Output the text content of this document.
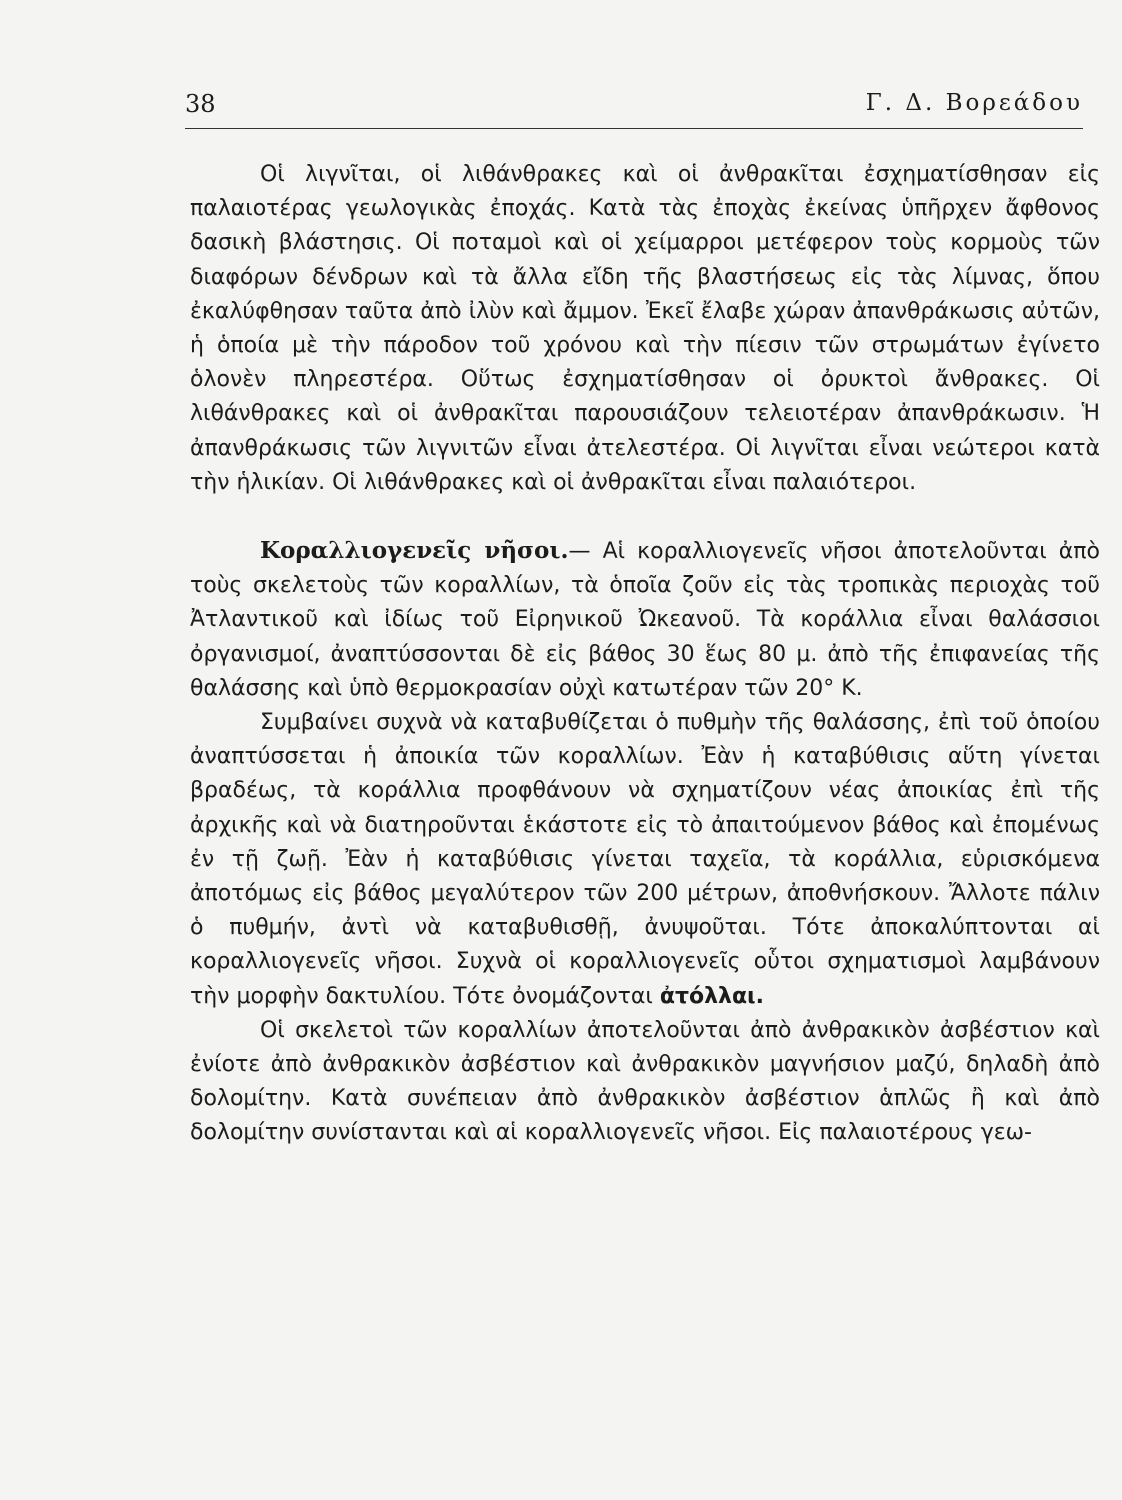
38	Γ. Δ. Βορεάδου

Οἱ λιγνῖται, οἱ λιθάνθρακες καὶ οἱ ἀνθρακῖται ἐσχηματίσθησαν εἰς παλαιοτέρας γεωλογικὰς ἐποχάς. Κατὰ τὰς ἐποχὰς ἐκείνας ὑπῆρχεν ἄφθονος δασικὴ βλάστησις. Οἱ ποταμοὶ καὶ οἱ χείμαρροι μετέφερον τοὺς κορμοὺς τῶν διαφόρων δένδρων καὶ τὰ ἄλλα εἴδη τῆς βλαστήσεως εἰς τὰς λίμνας, ὅπου ἐκαλύφθησαν ταῦτα ἀπὸ ἰλὺν καὶ ἄμμον. Ἐκεῖ ἔλαβε χώραν ἀπανθράκωσις αὐτῶν, ἡ ὁποία μὲ τὴν πάροδον τοῦ χρόνου καὶ τὴν πίεσιν τῶν στρωμάτων ἐγίνετο ὁλονὲν πληρεστέρα. Οὕτως ἐσχηματίσθησαν οἱ ὀρυκτοὶ ἄνθρακες. Οἱ λιθάνθρακες καὶ οἱ ἀνθρακῖται παρουσιάζουν τελειοτέραν ἀπανθράκωσιν. Ἡ ἀπανθράκωσις τῶν λιγνιτῶν εἶναι ἀτελεστέρα. Οἱ λιγνῖται εἶναι νεώτεροι κατὰ τὴν ἡλικίαν. Οἱ λιθάνθρακες καὶ οἱ ἀνθρακῖται εἶναι παλαιότεροι.

Κοραλλιογενεῖς νῆσοι.— Αἱ κοραλλιογενεῖς νῆσοι ἀποτελοῦνται ἀπὸ τοὺς σκελετοὺς τῶν κοραλλίων, τὰ ὁποῖα ζοῦν εἰς τὰς τροπικὰς περιοχὰς τοῦ Ἀτλαντικοῦ καὶ ἰδίως τοῦ Εἰρηνικοῦ Ὠκεανοῦ. Τὰ κοράλλια εἶναι θαλάσσιοι ὀργανισμοί, ἀναπτύσσονται δὲ εἰς βάθος 30 ἕως 80 μ. ἀπὸ τῆς ἐπιφανείας τῆς θαλάσσης καὶ ὑπὸ θερμοκρασίαν οὐχὶ κατωτέραν τῶν 20° Κ.

Συμβαίνει συχνὰ νὰ καταβυθίζεται ὁ πυθμὴν τῆς θαλάσσης, ἐπὶ τοῦ ὁποίου ἀναπτύσσεται ἡ ἀποικία τῶν κοραλλίων. Ἐὰν ἡ καταβύθισις αὕτη γίνεται βραδέως, τὰ κοράλλια προφθάνουν νὰ σχηματίζουν νέας ἀποικίας ἐπὶ τῆς ἀρχικῆς καὶ νὰ διατηροῦνται ἑκάστοτε εἰς τὸ ἀπαιτούμενον βάθος καὶ ἐπομένως ἐν τῇ ζωῇ. Ἐὰν ἡ καταβύθισις γίνεται ταχεῖα, τὰ κοράλλια, εὑρισκόμενα ἀποτόμως εἰς βάθος μεγαλύτερον τῶν 200 μέτρων, ἀποθνήσκουν. Ἄλλοτε πάλιν ὁ πυθμήν, ἀντὶ νὰ καταβυθισθῇ, ἀνυψοῦται. Τότε ἀποκαλύπτονται αἱ κοραλλιογενεῖς νῆσοι. Συχνὰ οἱ κοραλλιογενεῖς οὗτοι σχηματισμοὶ λαμβάνουν τὴν μορφὴν δακτυλίου. Τότε ὀνομάζονται ἀτόλλαι.

Οἱ σκελετοὶ τῶν κοραλλίων ἀποτελοῦνται ἀπὸ ἀνθρακικὸν ἀσβέστιον καὶ ἐνίοτε ἀπὸ ἀνθρακικὸν ἀσβέστιον καὶ ἀνθρακικὸν μαγνήσιον μαζύ, δηλαδὴ ἀπὸ δολομίτην. Κατὰ συνέπειαν ἀπὸ ἀνθρακικὸν ἀσβέστιον ἁπλῶς ἢ καὶ ἀπὸ δολομίτην συνίστανται καὶ αἱ κοραλλιογενεῖς νῆσοι. Εἰς παλαιοτέρους γεω-
